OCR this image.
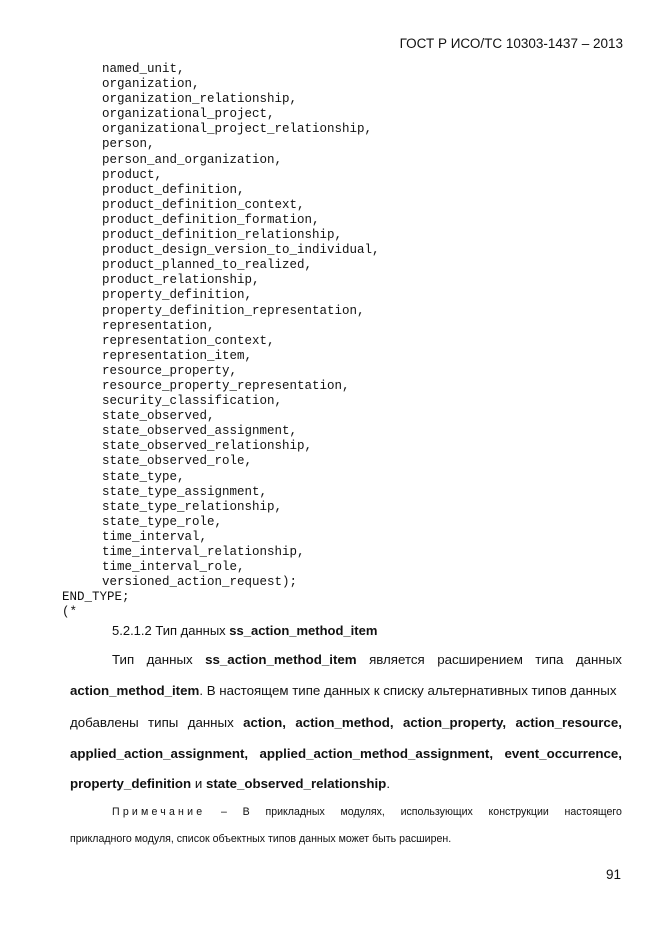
ГОСТ Р ИСО/ТС 10303-1437 – 2013
named_unit,
organization,
organization_relationship,
organizational_project,
organizational_project_relationship,
person,
person_and_organization,
product,
product_definition,
product_definition_context,
product_definition_formation,
product_definition_relationship,
product_design_version_to_individual,
product_planned_to_realized,
product_relationship,
property_definition,
property_definition_representation,
representation,
representation_context,
representation_item,
resource_property,
resource_property_representation,
security_classification,
state_observed,
state_observed_assignment,
state_observed_relationship,
state_observed_role,
state_type,
state_type_assignment,
state_type_relationship,
state_type_role,
time_interval,
time_interval_relationship,
time_interval_role,
versioned_action_request);
END_TYPE;
(*
5.2.1.2 Тип данных ss_action_method_item
Тип данных ss_action_method_item является расширением типа данных
action_method_item. В настоящем типе данных к списку альтернативных типов данных
добавлены типы данных action, action_method, action_property, action_resource,
applied_action_assignment, applied_action_method_assignment, event_occurrence,
property_definition и state_observed_relationship.
Примечание – В прикладных модулях, использующих конструкции настоящего
прикладного модуля, список объектных типов данных может быть расширен.
91
